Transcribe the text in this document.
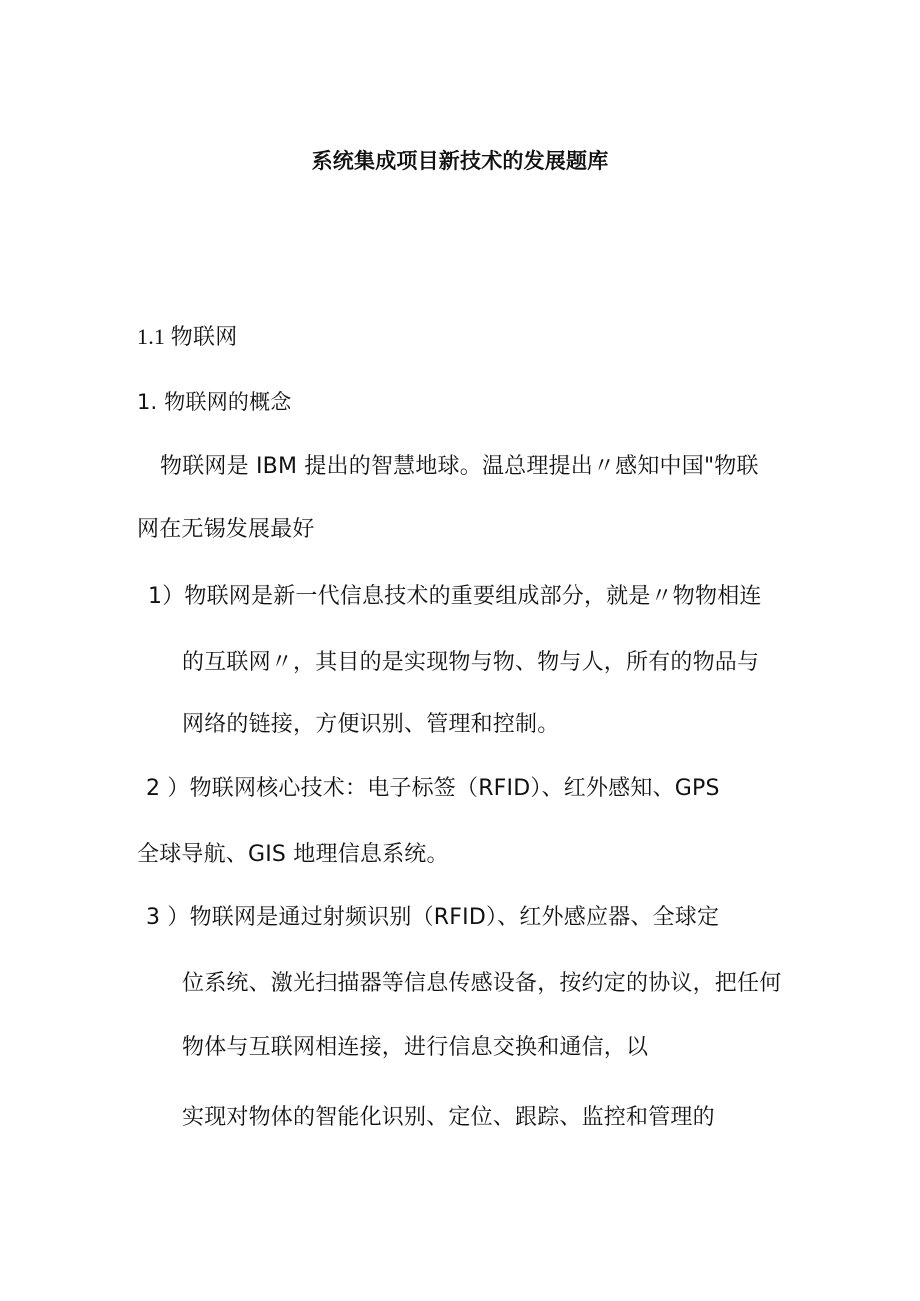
系统集成项目新技术的发展题库
1.1 物联网
1. 物联网的概念
物联网是 IBM 提出的智慧地球。温总理提出〃感知中国"物联
网在无锡发展最好
1）物联网是新一代信息技术的重要组成部分，就是〃物物相连
的互联网〃，其目的是实现物与物、物与人，所有的物品与
网络的链接，方便识别、管理和控制。
2 ）物联网核心技术：电子标签（RFID）、红外感知、GPS
全球导航、GIS 地理信息系统。
3 ）物联网是通过射频识别（RFID）、红外感应器、全球定
位系统、激光扫描器等信息传感设备，按约定的协议，把任何
物体与互联网相连接，进行信息交换和通信，以
实现对物体的智能化识别、定位、跟踪、监控和管理的
